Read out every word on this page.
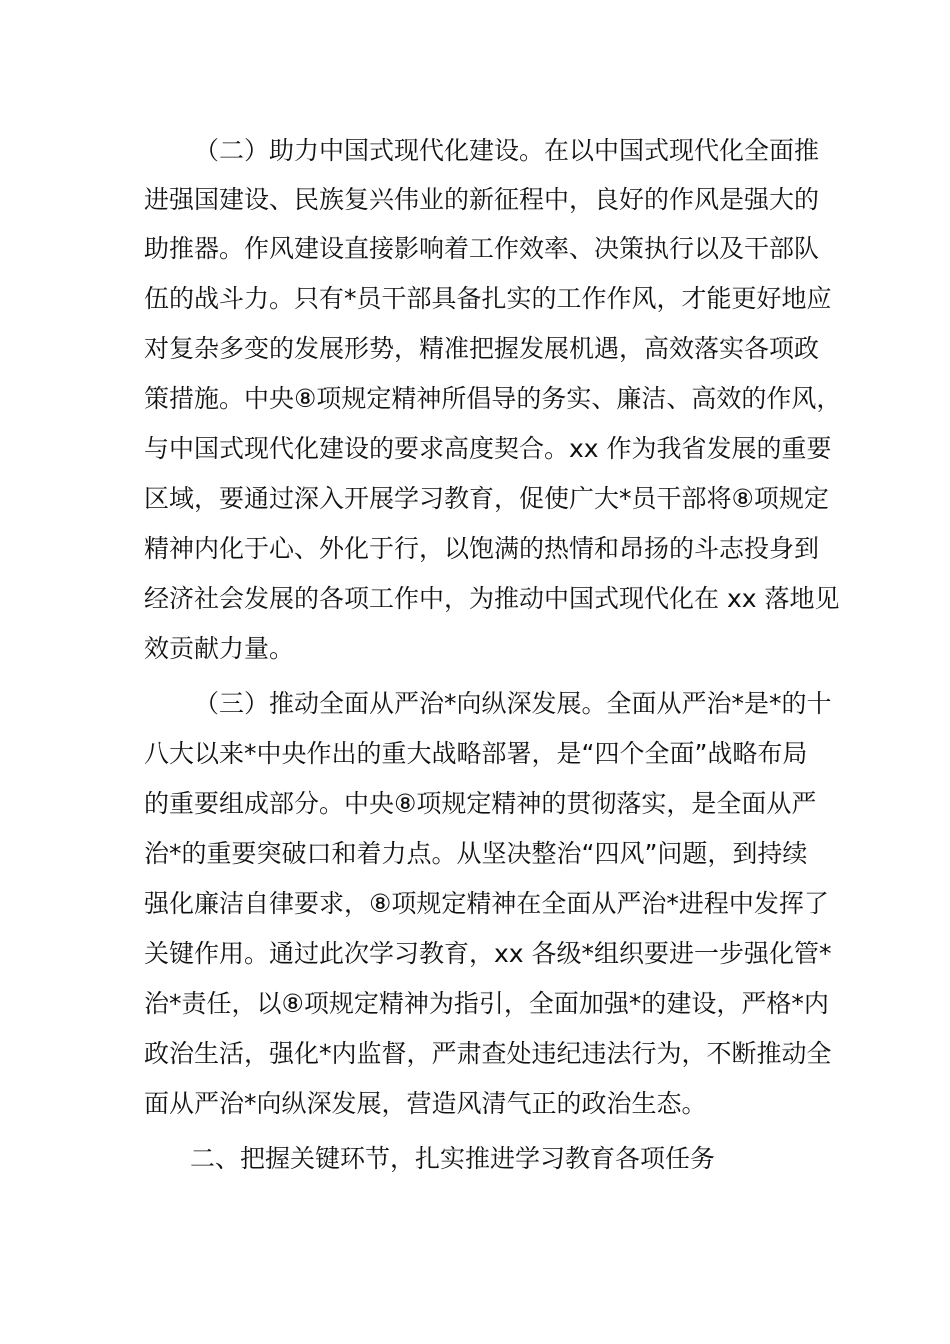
（二）助力中国式现代化建设。在以中国式现代化全面推
进强国建设、民族复兴伟业的新征程中，良好的作风是强大的
助推器。作风建设直接影响着工作效率、决策执行以及干部队
伍的战斗力。只有*员干部具备扎实的工作作风，才能更好地应
对复杂多变的发展形势，精准把握发展机遇，高效落实各项政
策措施。中央⑧项规定精神所倡导的务实、廉洁、高效的作风，
与中国式现代化建设的要求高度契合。xx 作为我省发展的重要
区域，要通过深入开展学习教育，促使广大*员干部将⑧项规定
精神内化于心、外化于行，以饱满的热情和昂扬的斗志投身到
经济社会发展的各项工作中，为推动中国式现代化在 xx 落地见
效贡献力量。
（三）推动全面从严治*向纵深发展。全面从严治*是*的十
八大以来*中央作出的重大战略部署，是“四个全面”战略布局
的重要组成部分。中央⑧项规定精神的贯彻落实，是全面从严
治*的重要突破口和着力点。从坚决整治“四风”问题，到持续
强化廉洁自律要求，⑧项规定精神在全面从严治*进程中发挥了
关键作用。通过此次学习教育，xx 各级*组织要进一步强化管*
治*责任，以⑧项规定精神为指引，全面加强*的建设，严格*内
政治生活，强化*内监督，严肃查处违纪违法行为，不断推动全
面从严治*向纵深发展，营造风清气正的政治生态。
二、把握关键环节，扎实推进学习教育各项任务
